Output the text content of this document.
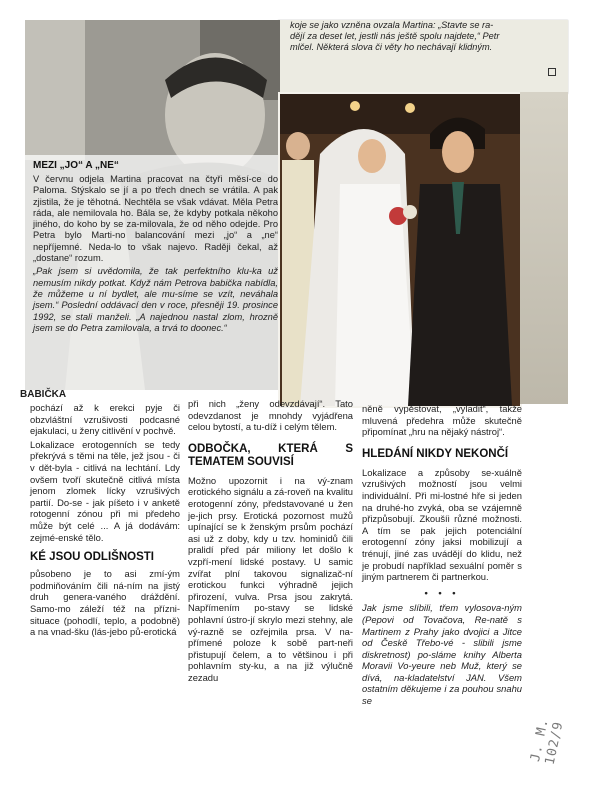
koje se jako vzněna ovzala Martina: „Stavte se ra-
dějí za deset let, jestli nás ještě spolu najdete,“ Petr
mlčel. Některá slova či věty ho nechávají klidným.

MEZI „JO“ A „NE“

V červnu odjela Martina pracovat na čtyři měsí-ce do Paloma. Stýskalo se jí a po třech dnech se vrátila. A pak zjistila, že je těhotná. Nechtěla se však vdávat. Měla Petra ráda, ale nemilovala ho. Bála se, že kdyby potkala někoho jiného, do koho by se za-milovala, že od něho odejde. Pro Petra bylo Marti-no balancování mezi „jo“ a „ne“ nepříjemné. Neda-lo to však najevo. Raději čekal, až „dostane“ rozum.

„Pak jsem si uvědomila, že tak perfektního klu-ka už nemusím nikdy potkat. Když nám Petrova babička nabídla, že můžeme u ní bydlet, ale mu-síme se vzít, neváhala jsem.“ Poslední oddávací den v roce, přesněji 19. prosince 1992, se stali manželi. „A najednou nastal zlom, hrozně jsem se do Petra zamilovala, a trvá to doonec.“

BABIČKA

pochází až k erekci pyje či obzvláštní vzrušivosti podcasné ejakulaci, u ženy citlivění v pochvě.

Lokalizace erotogenních se tedy překrývá s těmi na těle, jež jsou - či v dět-byla - citlivá na lechtání. Ldy ovšem tvoří skutečně citlivá místa jenom zlomek lícky vzrušivých partií. Do-se - jak píšeto i v anketě rotogenní zónou při mi předeho může být celé ... A já dodávám: zejmé-enské tělo.

KÉ JSOU ODLIŠNOSTI

působeno je to asi zmí-ým podmiňováním čili ná-ním na jistý druh genera-vaného dráždění. Samo-mo záleží též na přízni-situace (pohodlí, teplo, a podobně) a na vnad-šku (lás-jebo pů-erotická

při nich „ženy odevzdávají“. Tato odevzdanost je mnohdy vyjádřena celou bytostí, a tu-díž i celým tělem.

ODBOČKA, KTERÁ S TEMATEM SOUVISÍ

Možno upozornit i na vý-znam erotického signálu a zá-roveň na kvalitu erotogenní zóny, představované u žen je-jich prsy. Erotická pozornost mužů upínající se k ženským prsům pochází asi už z doby, kdy u tzv. hominidů čili pralidí před pár miliony let došlo k vzpří-mení lidské postavy. U samic zvířat plní takovou signalizač-ní erotickou funkci výhradně jejich přirození, vulva. Prsa jsou zakrytá. Napřímením po-stavy se lidské pohlavní ústro-jí skrylo mezi stehny, ale vý-razně se ozřejmila prsa. V na-přímené poloze k sobě part-neři přistupují čelem, a to většinou i při pohlavním sty-ku, a na již výlučně zezadu

něně vypěstovat, „vyladit“, takže mluvená předehra může skutečně připomínat „hru na nějaký nástroj“.

HLEDÁNÍ NIKDY NEKONČÍ

Lokalizace a způsoby se-xuálně vzrušivých možností jsou velmi individuální. Při mi-lostné hře si jeden na druhé-ho zvyká, oba se vzájemně přizpůsobují. Zkoušíi různé možnosti. A tím se pak jejich potenciální erotogenní zóny jaksi mobilizují a trénují, jiné zas uvádějí do klidu, než je probudí například sexuální poměr s jiným partnerem či partnerkou.

• • •

Jak jsme slíbili, třem vylosova-ným (Pepovi od Tovačova, Re-natě s Martinem z Prahy jako dvojici a Jitce od Českě Třebo-vé - slibili jsme diskretnost) po-sláme knihy Alberta Moravii Vo-yeure neb Muž, který se dívá, na-kladatelství JAN. Všem ostatním děkujeme i za pouhou snahu se

J. M. 102/9
